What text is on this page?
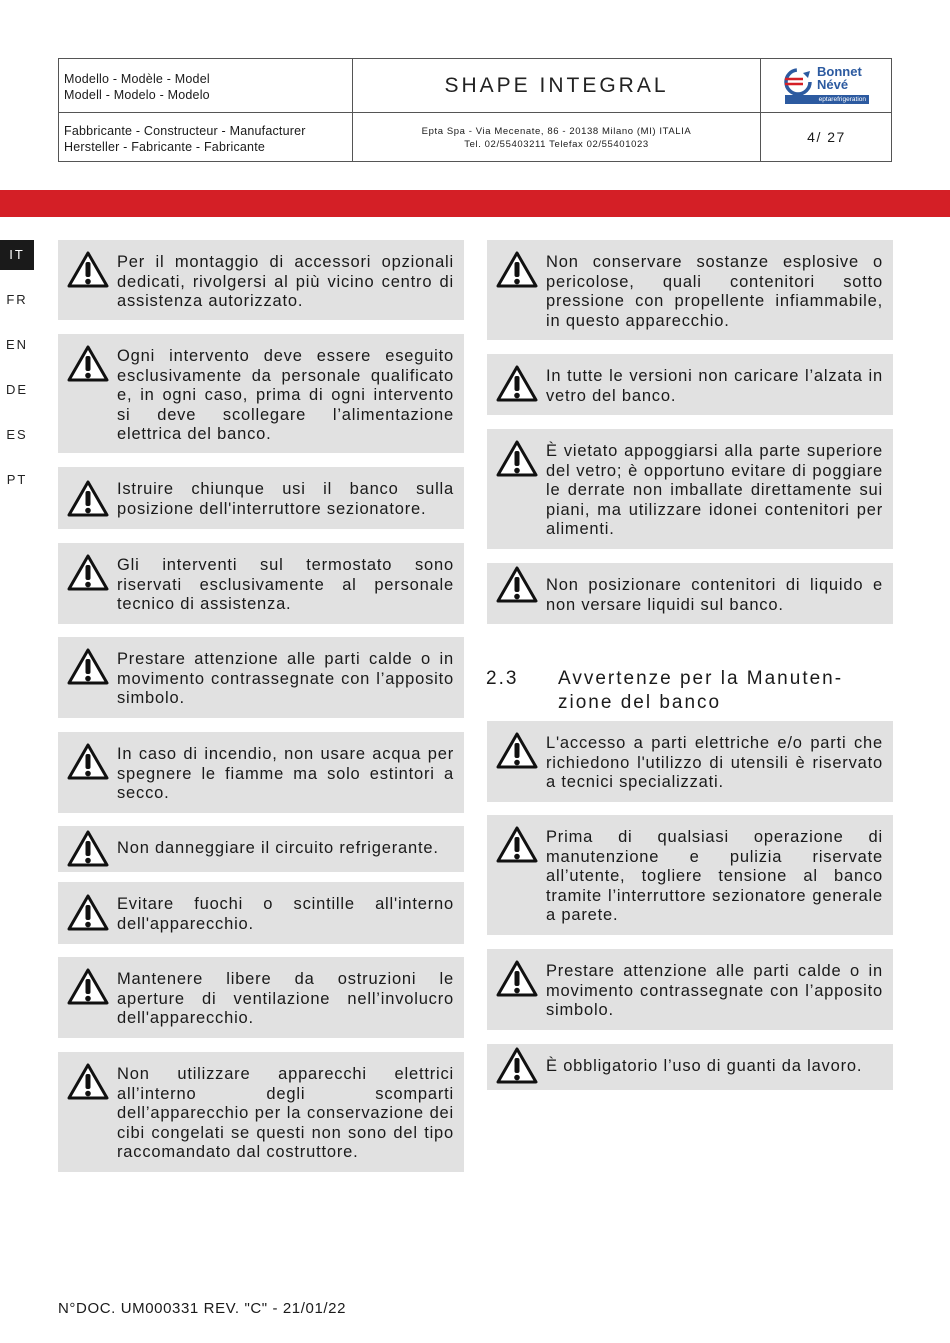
Modello - Modèle - Model
Modell - Modelo - Modelo	SHAPE INTEGRAL
Bonnet
Névé
eptarefrigeration
Fabbricante - Constructeur - Manufacturer
Hersteller - Fabricante - Fabricante
Epta Spa - Via Mecenate, 86 - 20138 Milano (MI) ITALIA
Tel. 02/55403211 Telefax 02/55401023	4/ 27
IT
FR
EN
DE
ES
PT
Per il montaggio di accessori opzionali dedicati, rivolgersi al più vicino centro di assistenza autorizzato.
Ogni intervento deve essere eseguito esclusivamente da personale qualificato e, in ogni caso, prima di ogni intervento si deve scollegare l’alimentazione elettrica del banco.
Istruire chiunque usi il banco sulla posizione dell'interruttore sezionatore.
Gli interventi sul termostato sono riservati esclusivamente al personale tecnico di assistenza.
Prestare attenzione alle parti calde o in movimento contrassegnate con l’apposito simbolo.
In caso di incendio, non usare acqua per spegnere le fiamme ma solo estintori a secco.
Non danneggiare il circuito refrigerante.
Evitare fuochi o scintille all'interno dell'apparecchio.
Mantenere libere da ostruzioni le aperture di ventilazione nell’involucro dell'apparecchio.
Non utilizzare apparecchi elettrici all’interno degli scomparti dell’apparecchio per la conservazione dei cibi congelati se questi non sono del tipo raccomandato dal costruttore.
Non conservare sostanze esplosive o pericolose, quali contenitori sotto pressione con propellente infiammabile, in questo apparecchio.
In tutte le versioni non caricare l’alzata in vetro del banco.
È vietato appoggiarsi alla parte superiore del vetro; è opportuno evitare di poggiare le derrate non imballate direttamente sui piani, ma utilizzare idonei contenitori per alimenti.
Non posizionare contenitori di liquido e non versare liquidi sul banco.
2.3 Avvertenze per la Manuten-
zione del banco
L'accesso a parti elettriche e/o parti che richiedono l'utilizzo di utensili è riservato a tecnici specializzati.
Prima di qualsiasi operazione di manutenzione e pulizia riservate all’utente, togliere tensione al banco tramite l’interruttore sezionatore generale a parete.
Prestare attenzione alle parti calde o in movimento contrassegnate con l’apposito simbolo.
È obbligatorio l’uso di guanti da lavoro.
N°DOC. UM000331 REV. "C" - 21/01/22
